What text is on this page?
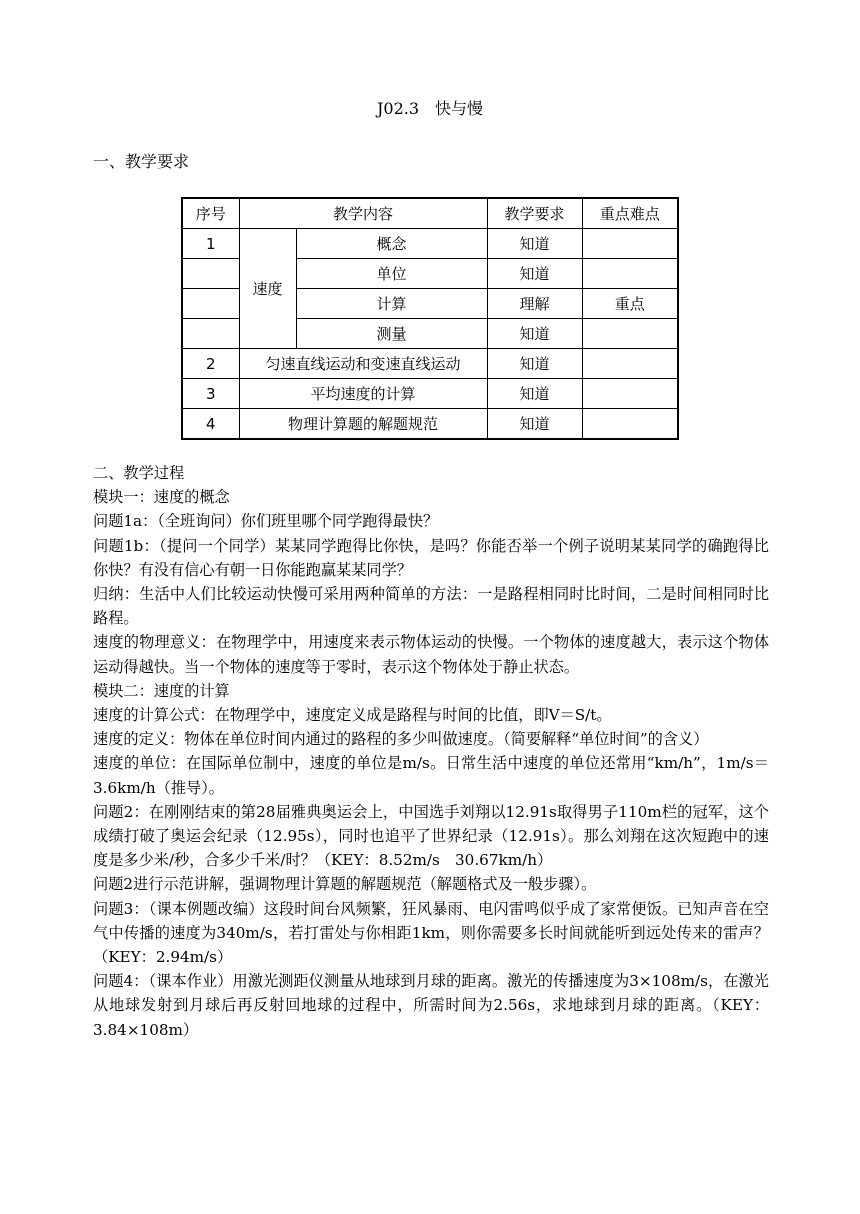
J02.3　快与慢
一、教学要求
序号	教学内容		教学要求	重点难点
1	速度	概念	知道	
		单位	知道	
		计算	理解	重点
		测量	知道	
2	匀速直线运动和变速直线运动		知道	
3	平均速度的计算		知道	
4	物理计算题的解题规范		知道	

二、教学过程

模块一：速度的概念

问题1a：（全班询问）你们班里哪个同学跑得最快？

问题1b：（提问一个同学）某某同学跑得比你快，是吗？你能否举一个例子说明某某同学的确跑得比你快？有没有信心有朝一日你能跑赢某某同学？

归纳：生活中人们比较运动快慢可采用两种简单的方法：一是路程相同时比时间，二是时间相同时比路程。

速度的物理意义：在物理学中，用速度来表示物体运动的快慢。一个物体的速度越大，表示这个物体运动得越快。当一个物体的速度等于零时，表示这个物体处于静止状态。

模块二：速度的计算

速度的计算公式：在物理学中，速度定义成是路程与时间的比值，即V＝S/t。

速度的定义：物体在单位时间内通过的路程的多少叫做速度。（简要解释“单位时间”的含义）

速度的单位：在国际单位制中，速度的单位是m/s。日常生活中速度的单位还常用“km/h”，1m/s＝3.6km/h（推导）。

问题2：在刚刚结束的第28届雅典奥运会上，中国选手刘翔以12.91s取得男子110m栏的冠军，这个成绩打破了奥运会纪录（12.95s），同时也追平了世界纪录（12.91s）。那么刘翔在这次短跑中的速度是多少米/秒，合多少千米/时？（KEY：8.52m/s　30.67km/h）

问题2进行示范讲解，强调物理计算题的解题规范（解题格式及一般步骤）。

问题3：（课本例题改编）这段时间台风频繁，狂风暴雨、电闪雷鸣似乎成了家常便饭。已知声音在空气中传播的速度为340m/s，若打雷处与你相距1km，则你需要多长时间就能听到远处传来的雷声？（KEY：2.94m/s）

问题4：（课本作业）用激光测距仪测量从地球到月球的距离。激光的传播速度为3×108m/s，在激光从地球发射到月球后再反射回地球的过程中，所需时间为2.56s，求地球到月球的距离。（KEY：3.84×108m）
